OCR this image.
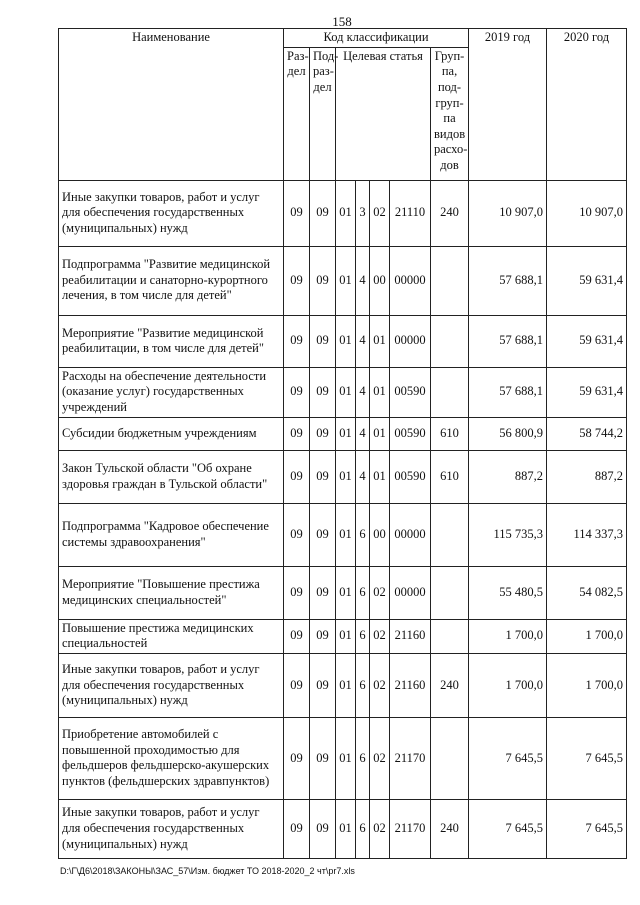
158
Наименование	Код классификации							2019 год	2020 год
	Раз-дел	Под-раз-дел	Целевая статья				Груп-па, под-груп-па видов расхо-дов		
Иные закупки товаров, работ и услуг для обеспечения государственных (муниципальных) нужд	09	09	01	3	02	21110	240	10 907,0	10 907,0
Подпрограмма "Развитие медицинской реабилитации и санаторно-курортного лечения, в том числе для детей"	09	09	01	4	00	00000		57 688,1	59 631,4
Мероприятие "Развитие медицинской реабилитации, в том числе для детей"	09	09	01	4	01	00000		57 688,1	59 631,4
Расходы на обеспечение деятельности (оказание услуг) государственных учреждений	09	09	01	4	01	00590		57 688,1	59 631,4
Субсидии бюджетным учреждениям	09	09	01	4	01	00590	610	56 800,9	58 744,2
Закон Тульской области "Об охране здоровья граждан в Тульской области"	09	09	01	4	01	00590	610	887,2	887,2
Подпрограмма "Кадровое обеспечение системы здравоохранения"	09	09	01	6	00	00000		115 735,3	114 337,3
Мероприятие "Повышение престижа медицинских специальностей"	09	09	01	6	02	00000		55 480,5	54 082,5
Повышение престижа медицинских специальностей	09	09	01	6	02	21160		1 700,0	1 700,0
Иные закупки товаров, работ и услуг для обеспечения государственных (муниципальных) нужд	09	09	01	6	02	21160	240	1 700,0	1 700,0
Приобретение автомобилей с повышенной проходимостью для фельдшеров фельдшерско-акушерских пунктов (фельдшерских здравпунктов)	09	09	01	6	02	21170		7 645,5	7 645,5
Иные закупки товаров, работ и услуг для обеспечения государственных (муниципальных) нужд	09	09	01	6	02	21170	240	7 645,5	7 645,5
D:\Г\Д6\2018\ЗАКОНЫ\ЗАС_57\Изм. бюджет ТО 2018-2020_2 чт\pr7.xls
